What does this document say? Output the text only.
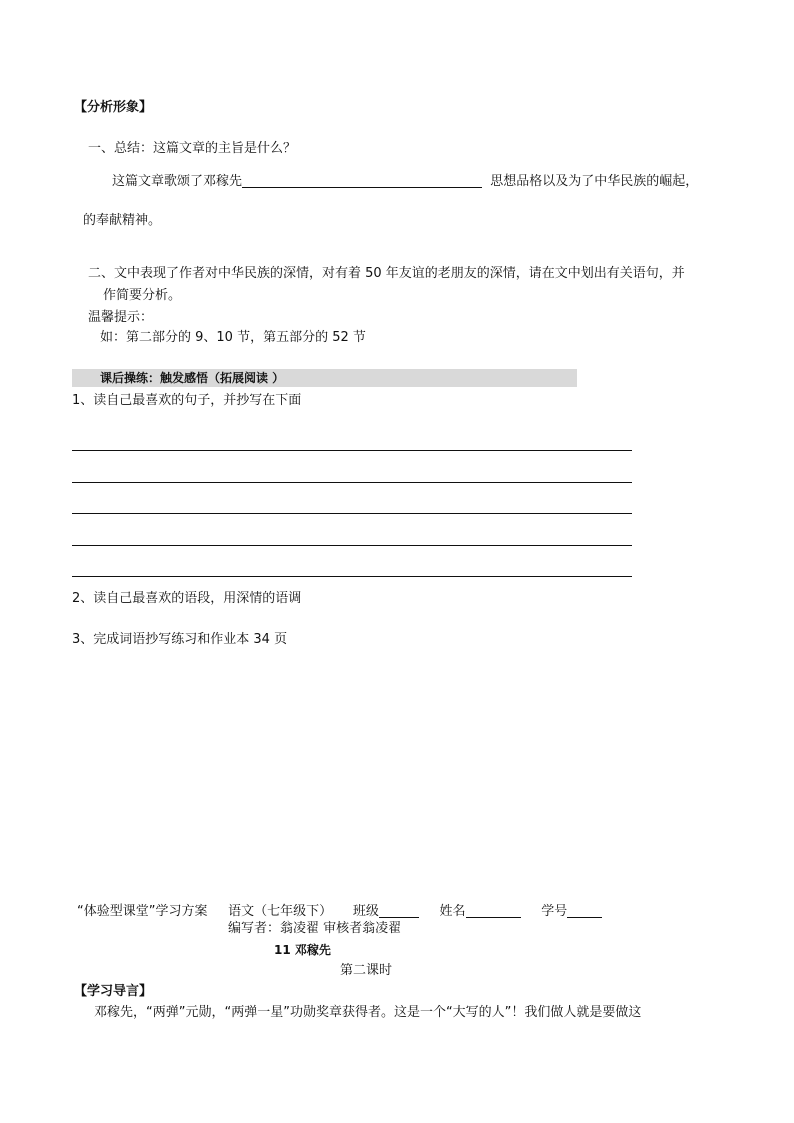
【分析形象】
一、总结：这篇文章的主旨是什么？
这篇文章歌颂了邓稼先	思想品格以及为了中华民族的崛起，
的奉献精神。
二、文中表现了作者对中华民族的深情，对有着 50 年友谊的老朋友的深情，请在文中划出有关语句，并
作简要分析。
温馨提示：
如：第二部分的 9、10 节，第五部分的 52 节
课后操练：触发感悟（拓展阅读 ）
1、读自己最喜欢的句子，并抄写在下面
2、读自己最喜欢的语段，用深情的语调
3、完成词语抄写练习和作业本 34 页
“体验型课堂”学习方案 语文（七年级下） 班级	姓名	学号
编写者：翁凌翟 审核者翁凌翟
11 邓稼先
第二课时
【学习导言】
邓稼先，“两弹”元勋，“两弹一星”功勋奖章获得者。这是一个“大写的人”！我们做人就是要做这
